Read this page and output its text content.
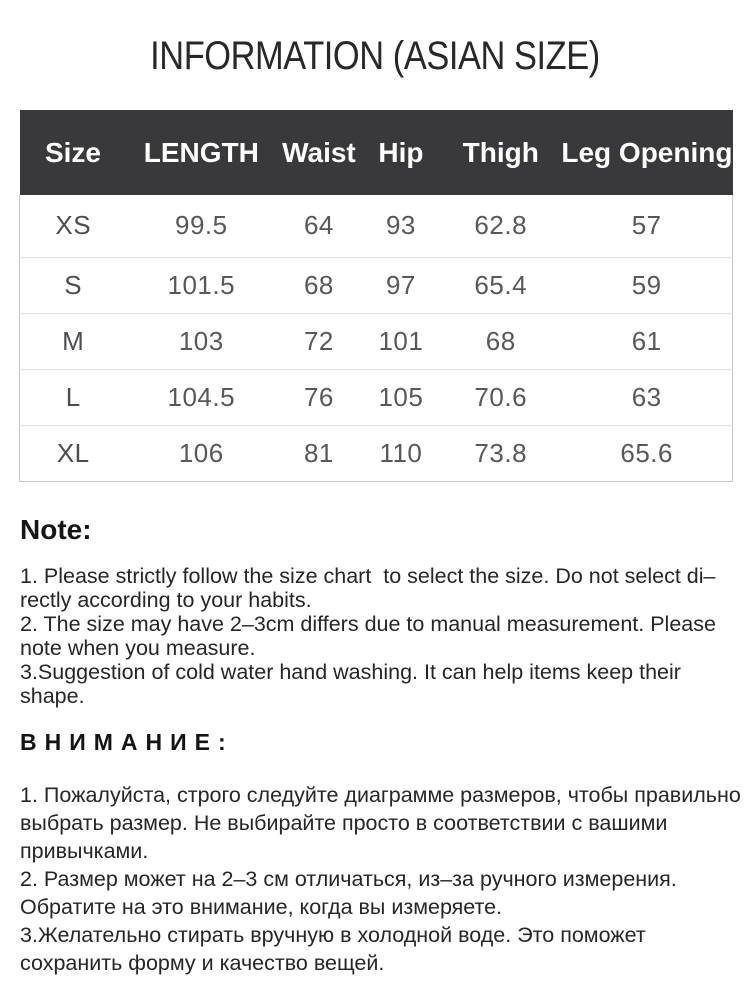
INFORMATION (ASIAN SIZE)
Size	LENGTH	Waist	Hip	Thigh	Leg Opening
XS	99.5	64	93	62.8	57
S	101.5	68	97	65.4	59
M	103	72	101	68	61
L	104.5	76	105	70.6	63
XL	106	81	110	73.8	65.6
Note:
1. Please strictly follow the size chart  to select the size. Do not select di–
rectly according to your habits.
2. The size may have 2–3cm differs due to manual measurement. Please
note when you measure.
3.Suggestion of cold water hand washing. It can help items keep their
shape.
ВНИМАНИЕ:
1. Пожалуйста, строго следуйте диаграмме размеров, чтобы правильно
выбрать размер. Не выбирайте просто в соответствии с вашими
привычками.
2. Размер может на 2–3 см отличаться, из–за ручного измерения.
Обратите на это внимание, когда вы измеряете.
3.Желательно стирать вручную в холодной воде. Это поможет
сохранить форму и качество вещей.
